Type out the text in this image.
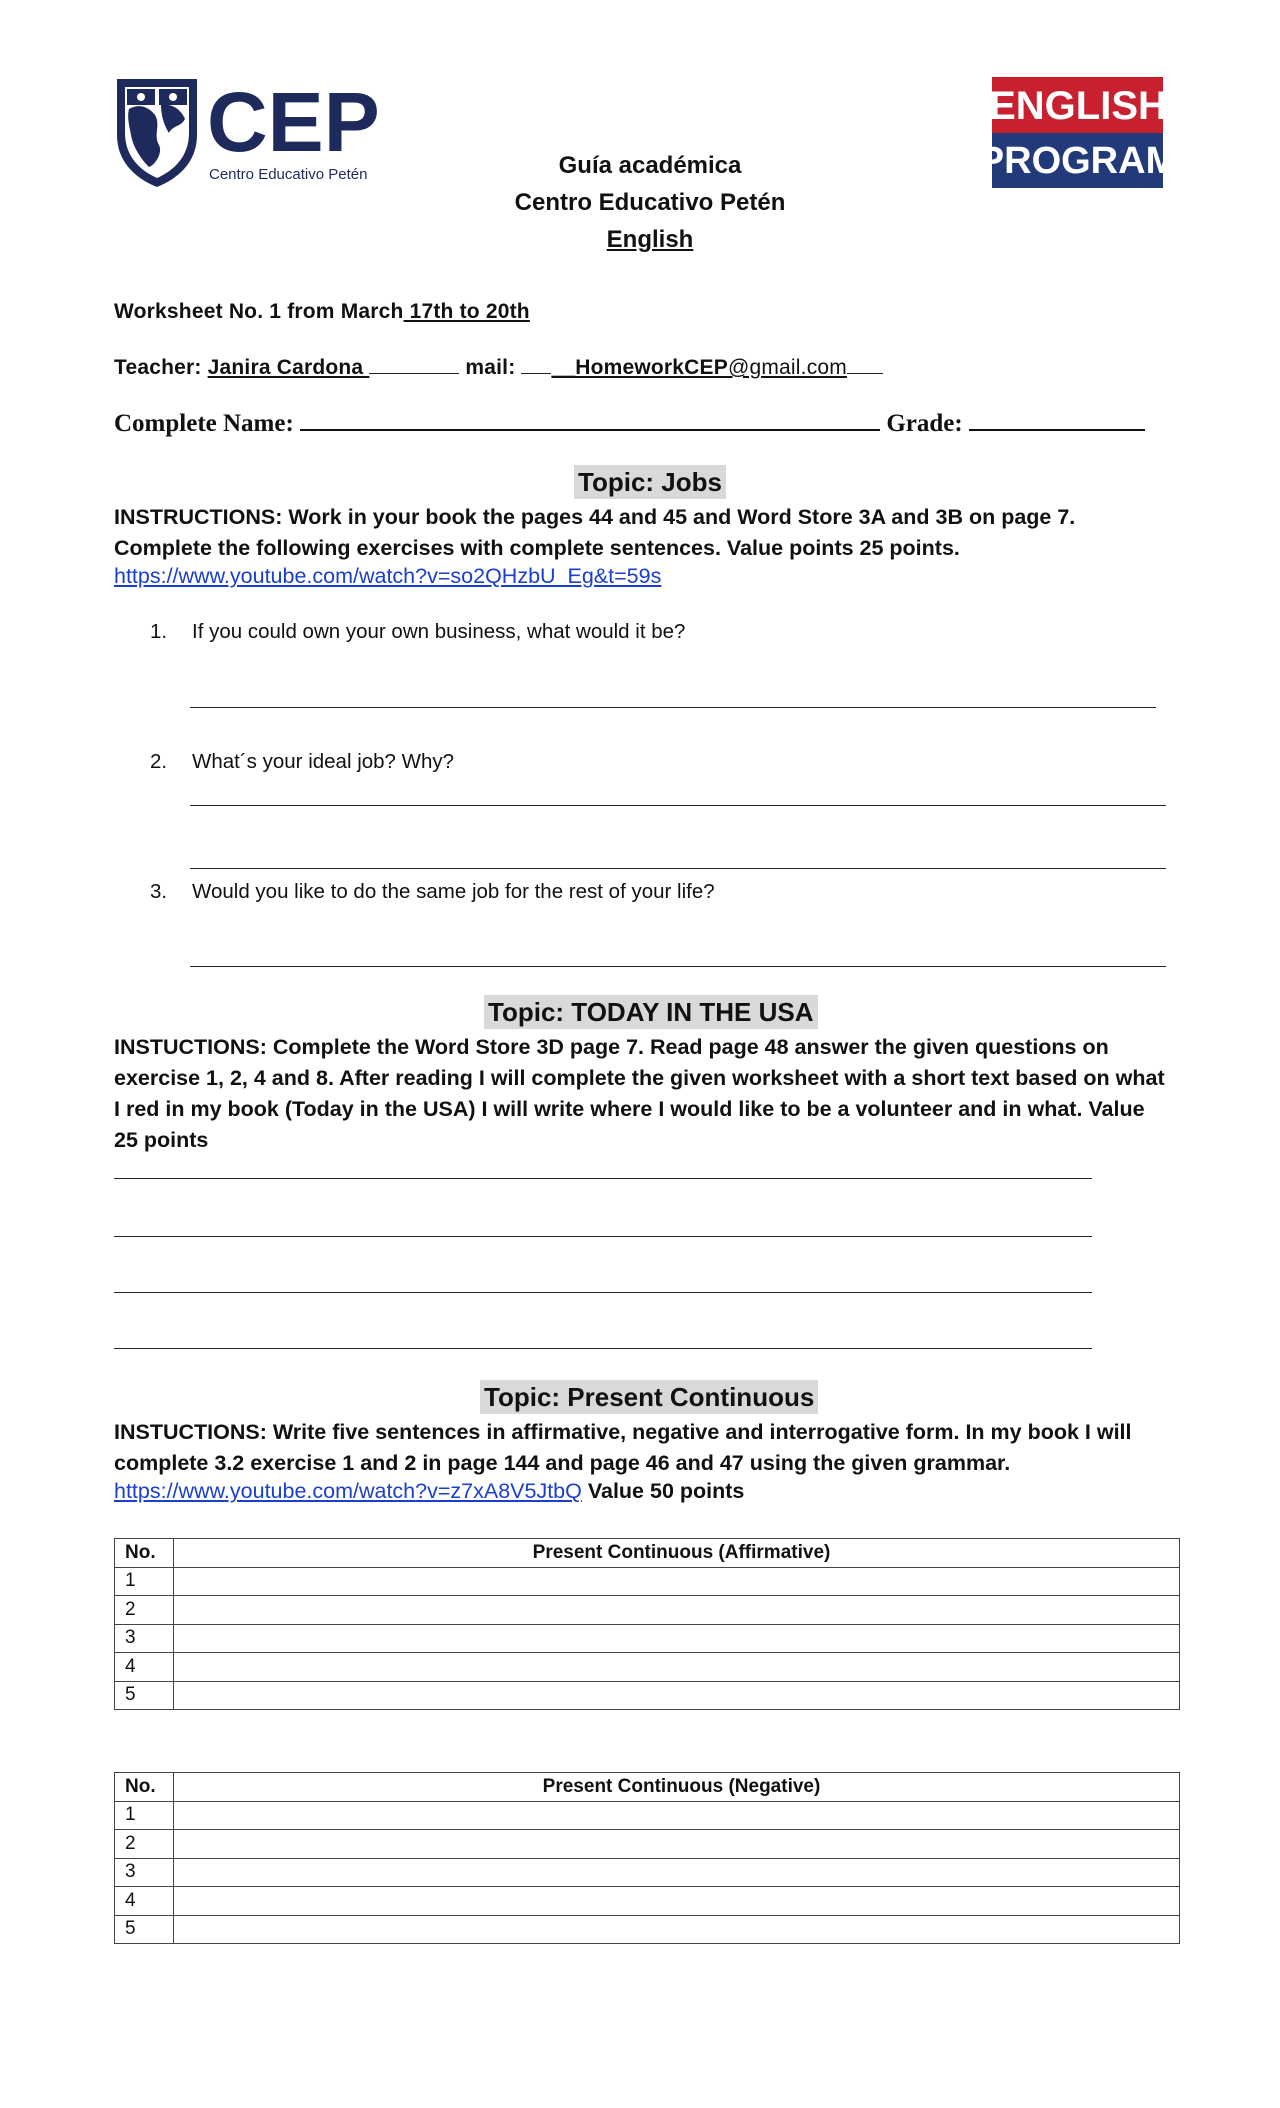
CEP
Centro Educativo Petén
ENGLISH
PROGRAM
Guía académica
Centro Educativo Petén
English
Worksheet No. 1 from March 17th to 20th
Teacher: Janira Cardona	mail: __HomeworkCEP@gmail.com
Complete Name:	Grade:
Topic: Jobs
INSTRUCTIONS: Work in your book the pages 44 and 45 and Word Store 3A and 3B on page 7. Complete the following exercises with complete sentences. Value points 25 points.
https://www.youtube.com/watch?v=so2QHzbU_Eg&t=59s
1. If you could own your own business, what would it be?
2. What´s your ideal job? Why?
3. Would you like to do the same job for the rest of your life?
Topic: TODAY IN THE USA
INSTUCTIONS: Complete the Word Store 3D page 7. Read page 48 answer the given questions on exercise 1, 2, 4 and 8. After reading I will complete the given worksheet with a short text based on what I red in my book (Today in the USA) I will write where I would like to be a volunteer and in what. Value 25 points
Topic: Present Continuous
INSTUCTIONS: Write five sentences in affirmative, negative and interrogative form. In my book I will complete 3.2 exercise 1 and 2 in page 144 and page 46 and 47 using the given grammar.
https://www.youtube.com/watch?v=z7xA8V5JtbQ Value 50 points
No.	Present Continuous (Affirmative)
1	
2	
3	
4	
5	
No.	Present Continuous (Negative)
1	
2	
3	
4	
5	
